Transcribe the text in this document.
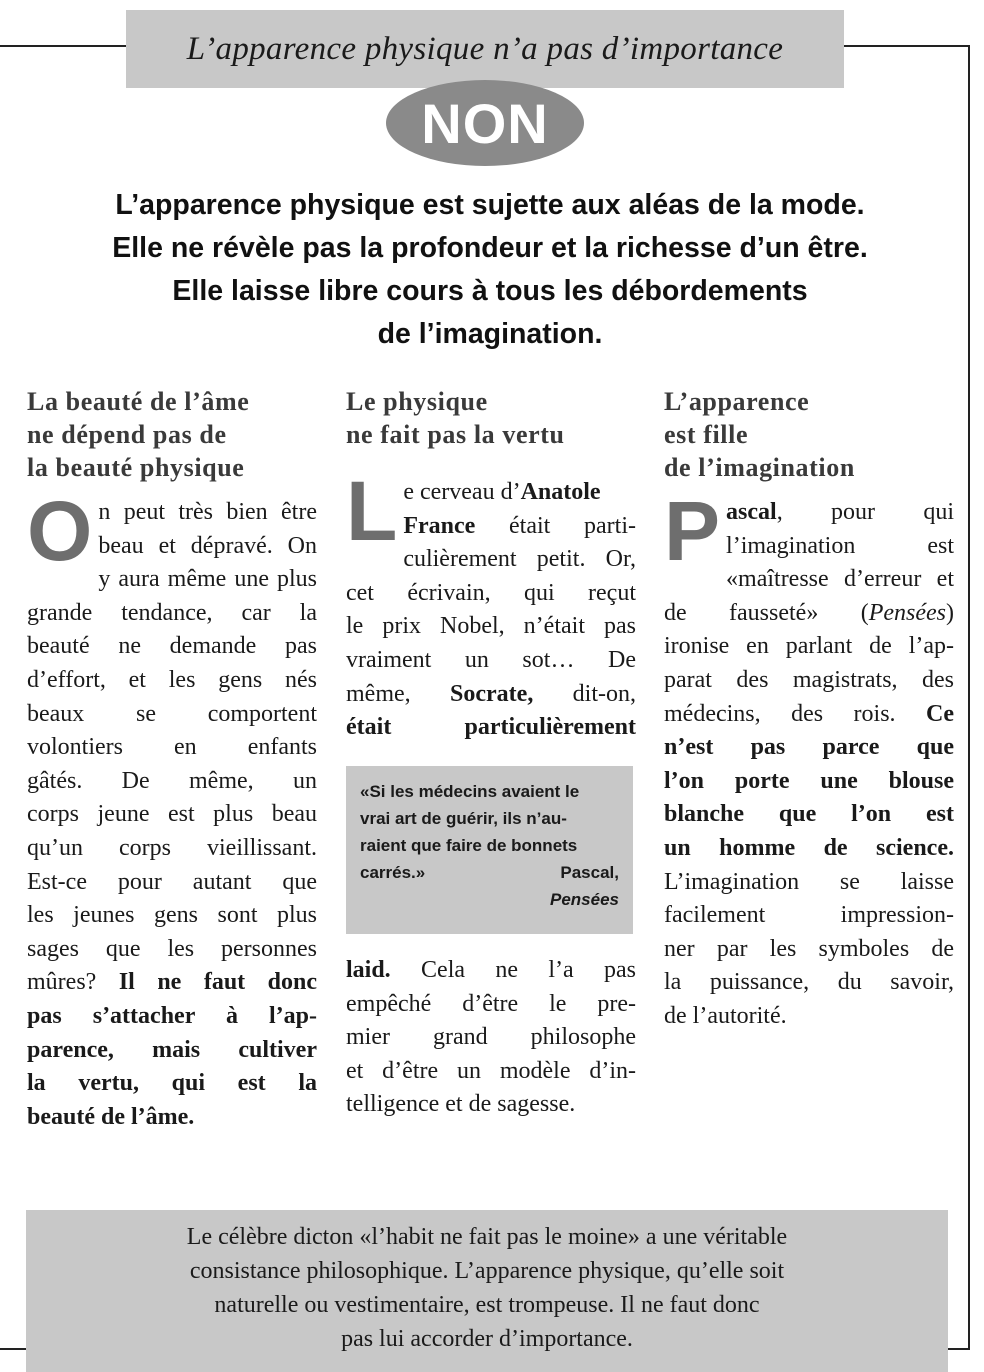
L’apparence physique n’a pas d’importance
NON
L’apparence physique est sujette aux aléas de la mode.
Elle ne révèle pas la profondeur et la richesse d’un être.
Elle laisse libre cours à tous les débordements
de l’imagination.
La beauté de l’âme
ne dépend pas de
la beauté physique
O n peut très bien être
beau et dépravé. On
y aura même une plus
grande tendance, car la
beauté ne demande pas
d’effort, et les gens nés
beaux se comportent
volontiers en enfants
gâtés. De même, un
corps jeune est plus beau
qu’un corps vieillissant.
Est-ce pour autant que
les jeunes gens sont plus
sages que les personnes
mûres? Il ne faut donc
pas s’attacher à l’ap-
parence, mais cultiver
la vertu, qui est la
beauté de l’âme.
Le physique
ne fait pas la vertu
L e cerveau d’Anatole
France était parti-
culièrement petit. Or,
cet écrivain, qui reçut
le prix Nobel, n’était pas
vraiment un sot… De
même, Socrate, dit-on,
était particulièrement
«Si les médecins avaient le
vrai art de guérir, ils n’au-
raient que faire de bonnets
carrés.»	Pascal,
Pensées
laid. Cela ne l’a pas
empêché d’être le pre-
mier grand philosophe
et d’être un modèle d’in-
telligence et de sagesse.
L’apparence
est fille
de l’imagination
P ascal, pour qui
l’imagination est
«maîtresse d’erreur et
de fausseté» (Pensées)
ironise en parlant de l’ap-
parat des magistrats, des
médecins, des rois. Ce
n’est pas parce que
l’on porte une blouse
blanche que l’on est
un homme de science.
L’imagination se laisse
facilement impression-
ner par les symboles de
la puissance, du savoir,
de l’autorité.
Le célèbre dicton «l’habit ne fait pas le moine» a une véritable
consistance philosophique. L’apparence physique, qu’elle soit
naturelle ou vestimentaire, est trompeuse. Il ne faut donc
pas lui accorder d’importance.
